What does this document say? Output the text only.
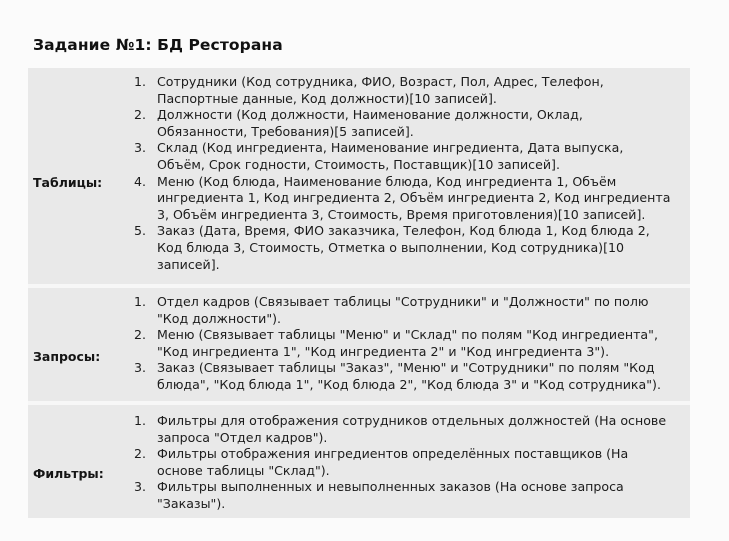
Задание №1: БД Ресторана
Таблицы:
1. Сотрудники (Код сотрудника, ФИО, Возраст, Пол, Адрес, Телефон,
Паспортные данные, Код должности)[10 записей].
2. Должности (Код должности, Наименование должности, Оклад,
Обязанности, Требования)[5 записей].
3. Склад (Код ингредиента, Наименование ингредиента, Дата выпуска,
Объём, Срок годности, Стоимость, Поставщик)[10 записей].
4. Меню (Код блюда, Наименование блюда, Код ингредиента 1, Объём
ингредиента 1, Код ингредиента 2, Объём ингредиента 2, Код ингредиента
3, Объём ингредиента 3, Стоимость, Время приготовления)[10 записей].
5. Заказ (Дата, Время, ФИО заказчика, Телефон, Код блюда 1, Код блюда 2,
Код блюда 3, Стоимость, Отметка о выполнении, Код сотрудника)[10
записей].
Запросы:
1. Отдел кадров (Связывает таблицы "Сотрудники" и "Должности" по полю
"Код должности").
2. Меню (Связывает таблицы "Меню" и "Склад" по полям "Код ингредиента",
"Код ингредиента 1", "Код ингредиента 2" и "Код ингредиента 3").
3. Заказ (Связывает таблицы "Заказ", "Меню" и "Сотрудники" по полям "Код
блюда", "Код блюда 1", "Код блюда 2", "Код блюда 3" и "Код сотрудника").
Фильтры:
1. Фильтры для отображения сотрудников отдельных должностей (На основе
запроса "Отдел кадров").
2. Фильтры отображения ингредиентов определённых поставщиков (На
основе таблицы "Склад").
3. Фильтры выполненных и невыполненных заказов (На основе запроса
"Заказы").
